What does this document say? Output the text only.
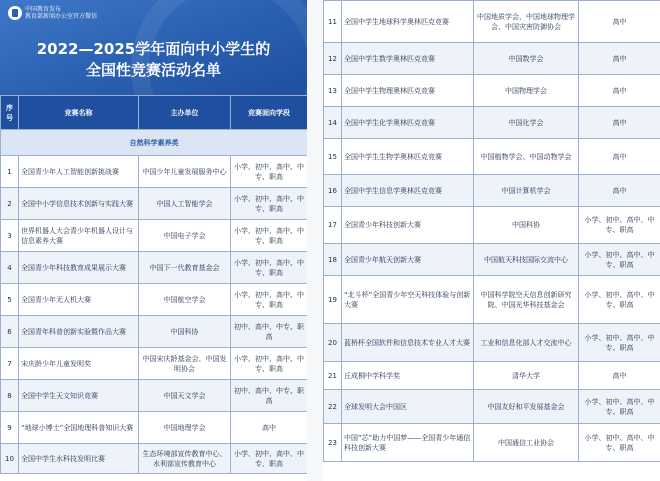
中国教育发布
教育部新闻办公室官方微信
2022—2025学年面向中小学生的
全国性竞赛活动名单
序号	竞赛名称	主办单位	竞赛面向学段
自然科学素养类			
1	全国青少年人工智能创新挑战赛	中国少年儿童发展服务中心	小学、初中、高中、中专、职高
2	全国中小学信息技术创新与实践大赛	中国人工智能学会	小学、初中、高中、中专、职高
3	世界机器人大会青少年机器人设计与信息素养大赛	中国电子学会	小学、初中、高中、中专、职高
4	全国青少年科技教育成果展示大赛	中国下一代教育基金会	小学、初中、高中、中专、职高
5	全国青少年无人机大赛	中国航空学会	小学、初中、高中、中专、职高
6	全国青年科普创新实验暨作品大赛	中国科协	初中、高中、中专、职高
7	宋庆龄少年儿童发明奖	中国宋庆龄基金会、中国发明协会	小学、初中、高中、中专、职高
8	全国中学生天文知识竞赛	中国天文学会	初中、高中、中专、职高
9	“地球小博士”全国地理科普知识大赛	中国地理学会	高中
10	全国中学生水科技发明比赛	生态环境部宣传教育中心、水利部宣传教育中心	小学、初中、高中、中专、职高
11	全国中学生地球科学奥林匹克竞赛	中国地质学会、中国地球物理学会、中国灾害防御协会	高中
12	全国中学生数学奥林匹克竞赛	中国数学会	高中
13	全国中学生物理奥林匹克竞赛	中国物理学会	高中
14	全国中学生化学奥林匹克竞赛	中国化学会	高中
15	全国中学生生物学奥林匹克竞赛	中国植物学会、中国动物学会	高中
16	全国中学生信息学奥林匹克竞赛	中国计算机学会	高中
17	全国青少年科技创新大赛	中国科协	小学、初中、高中、中专、职高
18	全国青少年航天创新大赛	中国航天科技国际交流中心	小学、初中、高中、中专、职高
19	“北斗杯”全国青少年空天科技体验与创新大赛	中国科学院空天信息创新研究院、中国光华科技基金会	小学、初中、高中、中专、职高
20	蓝桥杯全国软件和信息技术专业人才大赛	工业和信息化部人才交流中心	小学、初中、高中、中专、职高
21	丘成桐中学科学奖	清华大学	高中
22	全球发明大会中国区	中国友好和平发展基金会	小学、初中、高中、中专、职高
23	中国“芯”助力中国梦——全国青少年通信科技创新大赛	中国通信工业协会	小学、初中、高中、中专、职高
